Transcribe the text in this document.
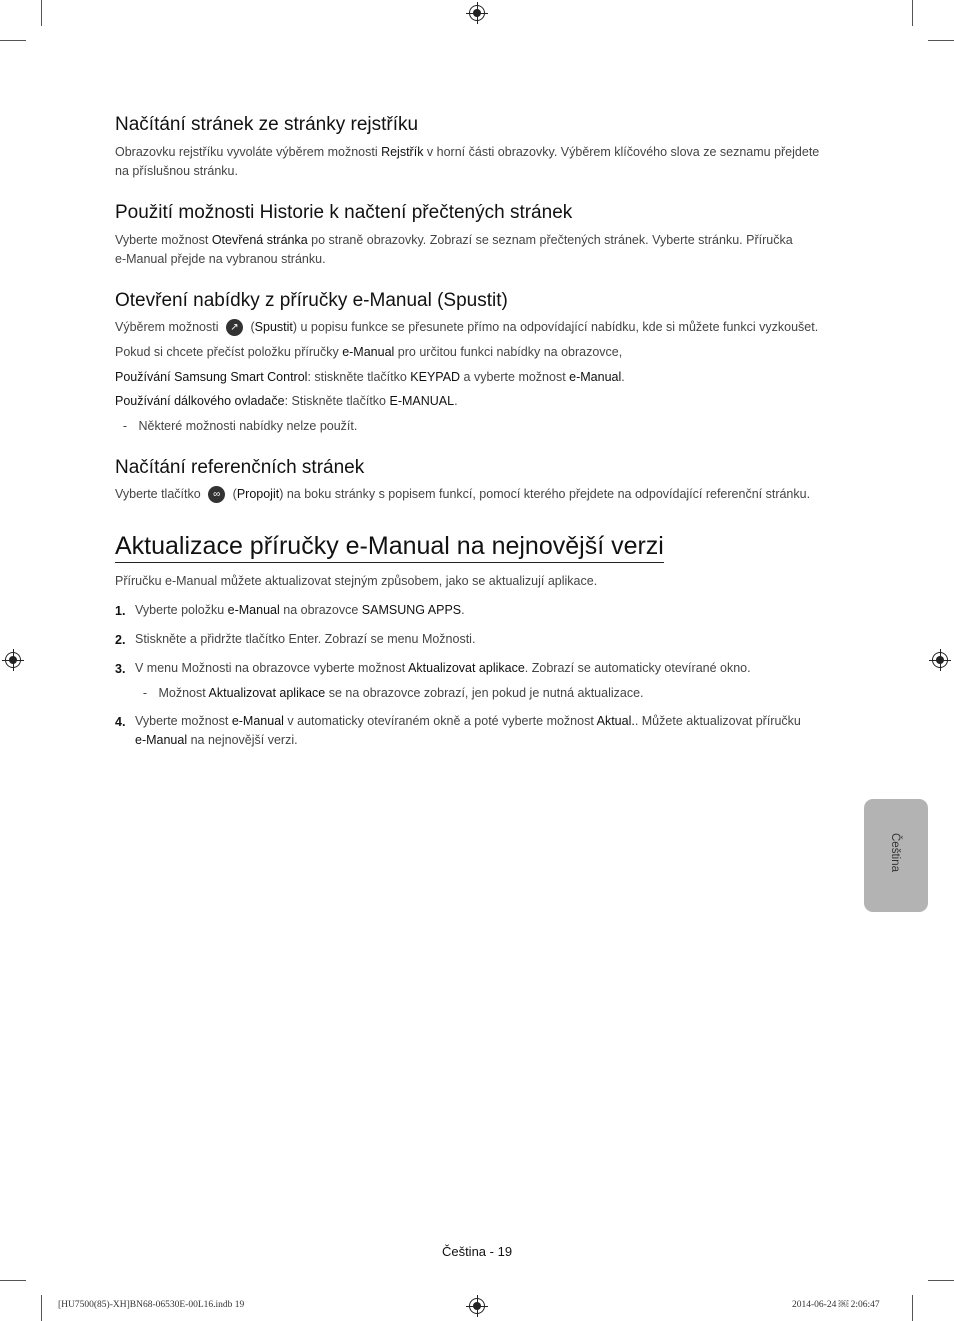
Načítání stránek ze stránky rejstříku

Obrazovku rejstříku vyvoláte výběrem možnosti Rejstřík v horní části obrazovky. Výběrem klíčového slova ze seznamu přejdete
na příslušnou stránku.

Použití možnosti Historie k načtení přečtených stránek

Vyberte možnost Otevřená stránka po straně obrazovky. Zobrazí se seznam přečtených stránek. Vyberte stránku. Příručka
e-Manual přejde na vybranou stránku.

Otevření nabídky z příručky e-Manual (Spustit)

Výběrem možnosti ↗ (Spustit) u popisu funkce se přesunete přímo na odpovídající nabídku, kde si můžete funkci vyzkoušet.

Pokud si chcete přečíst položku příručky e-Manual pro určitou funkci nabídky na obrazovce,

Používání Samsung Smart Control: stiskněte tlačítko KEYPAD a vyberte možnost e-Manual.

Používání dálkového ovladače: Stiskněte tlačítko E-MANUAL.

- Některé možnosti nabídky nelze použít.

Načítání referenčních stránek

Vyberte tlačítko ∞ (Propojit) na boku stránky s popisem funkcí, pomocí kterého přejdete na odpovídající referenční stránku.

Aktualizace příručky e-Manual na nejnovější verzi

Příručku e-Manual můžete aktualizovat stejným způsobem, jako se aktualizují aplikace.

1. Vyberte položku e-Manual na obrazovce SAMSUNG APPS.

2. Stiskněte a přidržte tlačítko Enter. Zobrazí se menu Možnosti.

3. V menu Možnosti na obrazovce vyberte možnost Aktualizovat aplikace. Zobrazí se automaticky otevírané okno.

- Možnost Aktualizovat aplikace se na obrazovce zobrazí, jen pokud je nutná aktualizace.

4. Vyberte možnost e-Manual v automaticky otevíraném okně a poté vyberte možnost Aktual.. Můžete aktualizovat příručku
e-Manual na nejnovější verzi.

Čeština
Čeština - 19
[HU7500(85)-XH]BN68-06530E-00L16.indb 19	2014-06-24 ￼ 2:06:47
